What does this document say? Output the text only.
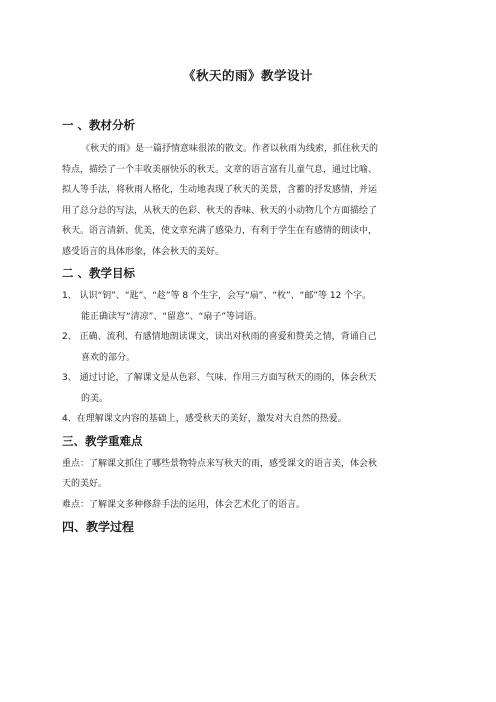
《秋天的雨》教学设计

一 、教材分析

《秋天的雨》是一篇抒情意味很浓的散文。作者以秋雨为线索，抓住秋天的

特点，描绘了一个丰收美丽快乐的秋天。文章的语言富有儿童气息，通过比喻、

拟人等手法，将秋雨人格化，生动地表现了秋天的美景，含蓄的抒发感情，并运

用了总分总的写法，从秋天的色彩、秋天的香味、秋天的小动物几个方面描绘了

秋天。语言清新、优美，使文章充满了感染力，有利于学生在有感情的朗读中，

感受语言的具体形象，体会秋天的美好。

二 、教学目标

1、 认识“钥”、“匙”、“趁”等 8 个生字，会写“扇”、“枚”、“邮”等 12 个字。

能正确读写“清凉”、“留意”、“扇子”等词语。

2、 正确、流利、有感情地朗读课文，读出对秋雨的喜爱和赞美之情，背诵自己

喜欢的部分。

3、 通过讨论，了解课文是从色彩、气味、作用三方面写秋天的雨的，体会秋天

的美。

4、在理解课文内容的基础上，感受秋天的美好，激发对大自然的热爱。

三、教学重难点

重点：了解课文抓住了哪些景物特点来写秋天的雨，感受课文的语言美，体会秋

天的美好。

难点：了解课文多种修辞手法的运用，体会艺术化了的语言。

四、教学过程
